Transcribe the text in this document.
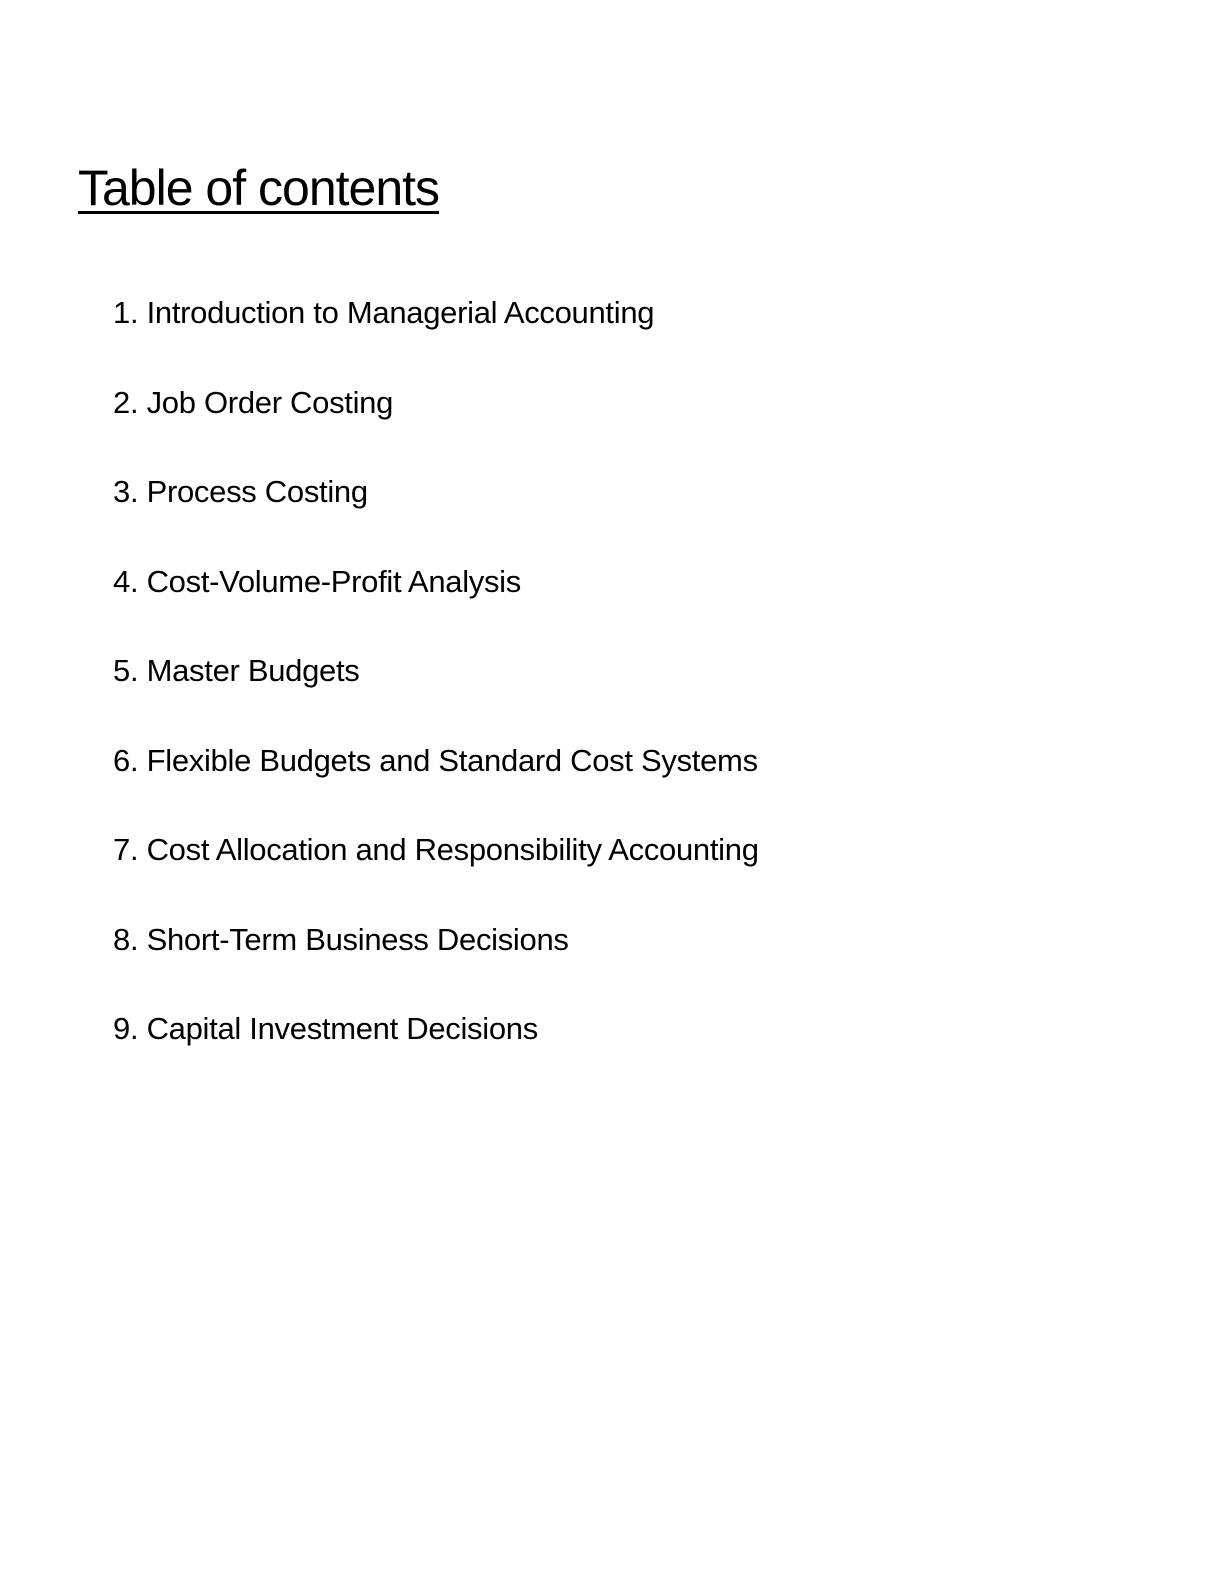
Table of contents
1. Introduction to Managerial Accounting
2. Job Order Costing
3. Process Costing
4. Cost-Volume-Profit Analysis
5. Master Budgets
6. Flexible Budgets and Standard Cost Systems
7. Cost Allocation and Responsibility Accounting
8. Short-Term Business Decisions
9. Capital Investment Decisions
